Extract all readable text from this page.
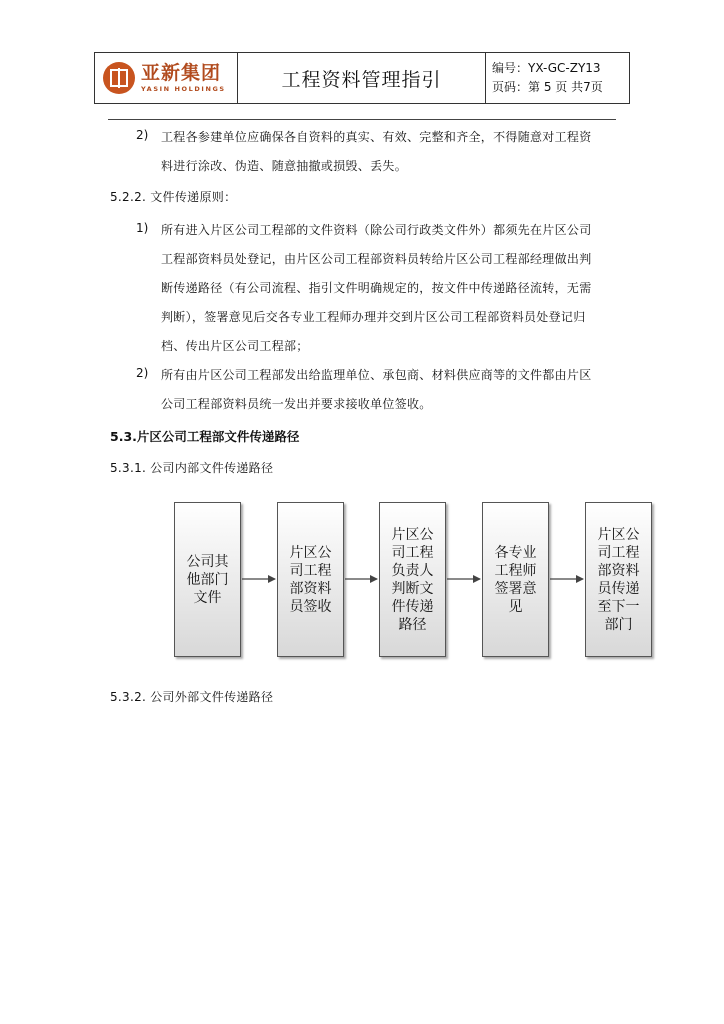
亚新集团
YASIN HOLDINGS	工程资料管理指引
编号：YX-GC-ZY13
页码：第 5 页 共7页
2) 工程各参建单位应确保各自资料的真实、有效、完整和齐全，不得随意对工程资
料进行涂改、伪造、随意抽撤或损毁、丢失。
5.2.2. 文件传递原则：
1) 所有进入片区公司工程部的文件资料（除公司行政类文件外）都须先在片区公司
工程部资料员处登记，由片区公司工程部资料员转给片区公司工程部经理做出判
断传递路径（有公司流程、指引文件明确规定的，按文件中传递路径流转，无需
判断），签署意见后交各专业工程师办理并交到片区公司工程部资料员处登记归
档、传出片区公司工程部；
2) 所有由片区公司工程部发出给监理单位、承包商、材料供应商等的文件都由片区
公司工程部资料员统一发出并要求接收单位签收。
5.3.片区公司工程部文件传递路径
5.3.1. 公司内部文件传递路径
公司其他部门文件
片区公司工程部资料员签收
片区公司工程负责人判断文件传递路径
各专业工程师签署意见
片区公司工程部资料员传递至下一部门
5.3.2. 公司外部文件传递路径
